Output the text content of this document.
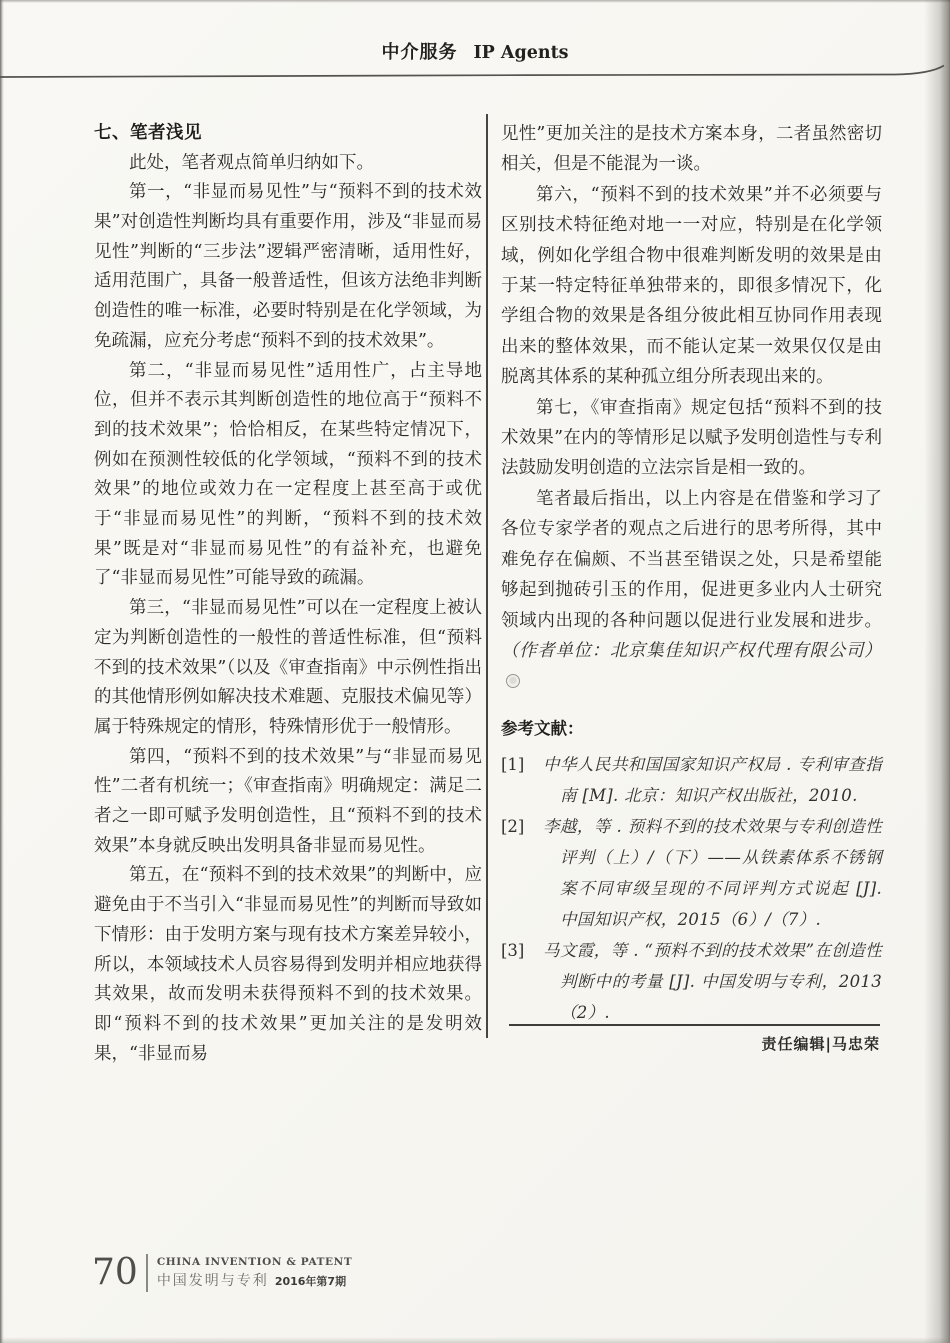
中介服务 IP Agents
七、笔者浅见

此处，笔者观点简单归纳如下。

第一，“非显而易见性”与“预料不到的技术效果”对创造性判断均具有重要作用，涉及“非显而易见性”判断的“三步法”逻辑严密清晰，适用性好，适用范围广，具备一般普适性，但该方法绝非判断创造性的唯一标准，必要时特别是在化学领域，为免疏漏，应充分考虑“预料不到的技术效果”。

第二，“非显而易见性”适用性广，占主导地位，但并不表示其判断创造性的地位高于“预料不到的技术效果”；恰恰相反，在某些特定情况下，例如在预测性较低的化学领域，“预料不到的技术效果”的地位或效力在一定程度上甚至高于或优于“非显而易见性”的判断，“预料不到的技术效果”既是对“非显而易见性”的有益补充，也避免了“非显而易见性”可能导致的疏漏。

第三，“非显而易见性”可以在一定程度上被认定为判断创造性的一般性的普适性标准，但“预料不到的技术效果”（以及《审查指南》中示例性指出的其他情形例如解决技术难题、克服技术偏见等）属于特殊规定的情形，特殊情形优于一般情形。

第四，“预料不到的技术效果”与“非显而易见性”二者有机统一；《审查指南》明确规定：满足二者之一即可赋予发明创造性，且“预料不到的技术效果”本身就反映出发明具备非显而易见性。

第五，在“预料不到的技术效果”的判断中，应避免由于不当引入“非显而易见性”的判断而导致如下情形：由于发明方案与现有技术方案差异较小，所以，本领域技术人员容易得到发明并相应地获得其效果，故而发明未获得预料不到的技术效果。即“预料不到的技术效果”更加关注的是发明效果，“非显而易

见性”更加关注的是技术方案本身，二者虽然密切相关，但是不能混为一谈。

第六，“预料不到的技术效果”并不必须要与区别技术特征绝对地一一对应，特别是在化学领域，例如化学组合物中很难判断发明的效果是由于某一特定特征单独带来的，即很多情况下，化学组合物的效果是各组分彼此相互协同作用表现出来的整体效果，而不能认定某一效果仅仅是由脱离其体系的某种孤立组分所表现出来的。

第七，《审查指南》规定包括“预料不到的技术效果”在内的等情形足以赋予发明创造性与专利法鼓励发明创造的立法宗旨是相一致的。

笔者最后指出，以上内容是在借鉴和学习了各位专家学者的观点之后进行的思考所得，其中难免存在偏颇、不当甚至错误之处，只是希望能够起到抛砖引玉的作用，促进更多业内人士研究领域内出现的各种问题以促进行业发展和进步。（作者单位：北京集佳知识产权代理有限公司）

参考文献：
[1]	中华人民共和国国家知识产权局 . 专利审查指南 [M]. 北京：知识产权出版社，2010.
[2]	李越，等 . 预料不到的技术效果与专利创造性评判（上）/（下）——从铁素体系不锈钢案不同审级呈现的不同评判方式说起 [J]. 中国知识产权，2015（6）/（7）.
[3]	马文霞，等 . “预料不到的技术效果”在创造性判断中的考量 [J]. 中国发明与专利，2013（2）.
责任编辑|马忠荣
70 CHINA INVENTION & PATENT
中国发明与专利 2016年第7期
